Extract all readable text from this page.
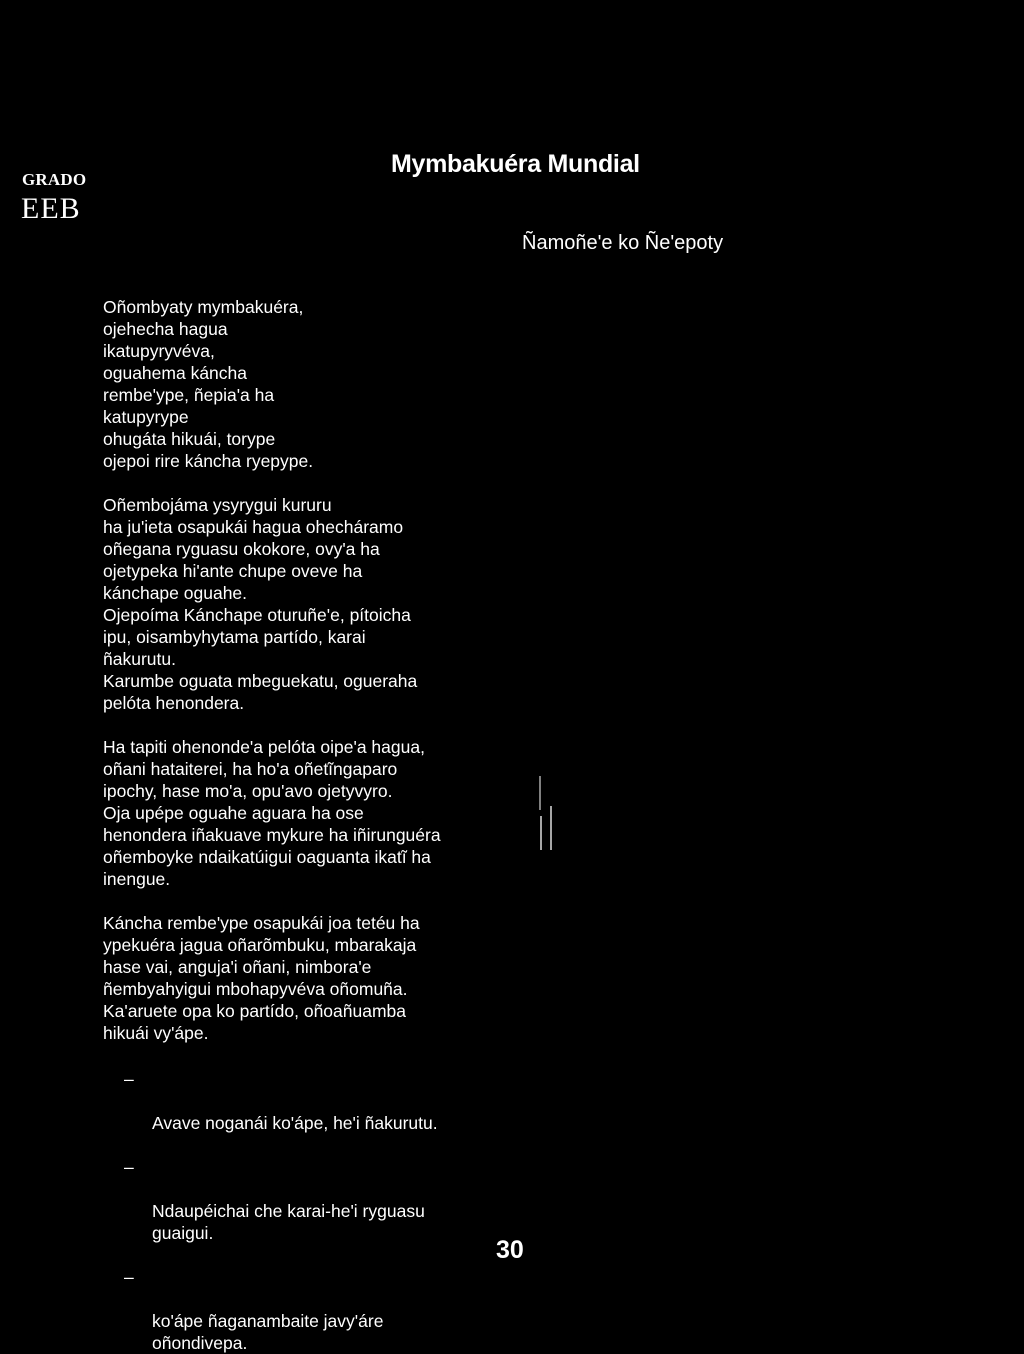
GRADO
EEB
Mymbakuéra Mundial
Ñamoñe'e ko Ñe'epoty

Oñombyaty mymbakuéra,
ojehecha hagua
ikatupyryvéva,
oguahema káncha
rembe'ype, ñepia'a ha
katupyrype
ohugáta hikuái, torype
ojepoi rire káncha ryepype.

Oñembojáma ysyrygui kururu
ha ju'ieta osapukái hagua ohecháramo
oñegana ryguasu okokore, ovy'a ha
ojetypeka hi'ante chupe oveve ha
kánchape oguahe.
Ojepoíma Kánchape oturuñe'e, pítoicha
ipu, oisambyhytama partído, karai
ñakurutu.
Karumbe oguata mbeguekatu, ogueraha
pelóta henondera.

Ha tapiti ohenonde'a pelóta oipe'a hagua,
oñani hataiterei, ha ho'a oñetĩngaparo
ipochy, hase mo'a, opu'avo ojetyvyro.
Oja upépe oguahe aguara ha ose
henondera iñakuave mykure ha iñirunguéra
oñemboyke ndaikatúigui oaguanta ikatĩ ha
inengue.

Káncha rembe'ype osapukái joa tetéu ha
ypekuéra jagua oñarõmbuku, mbarakaja
hase vai, anguja'i oñani, nimbora'e
ñembyahyigui mbohapyvéva oñomuña.
Ka'aruete opa ko partído, oñoañuamba
hikuái vy'ápe.

–

Avave noganái ko'ápe, he'i ñakurutu.

–

Ndaupéichai che karai-he'i ryguasu
guaigui.

–

ko'ápe ñaganambaite javy'áre
oñondivepa.

30
